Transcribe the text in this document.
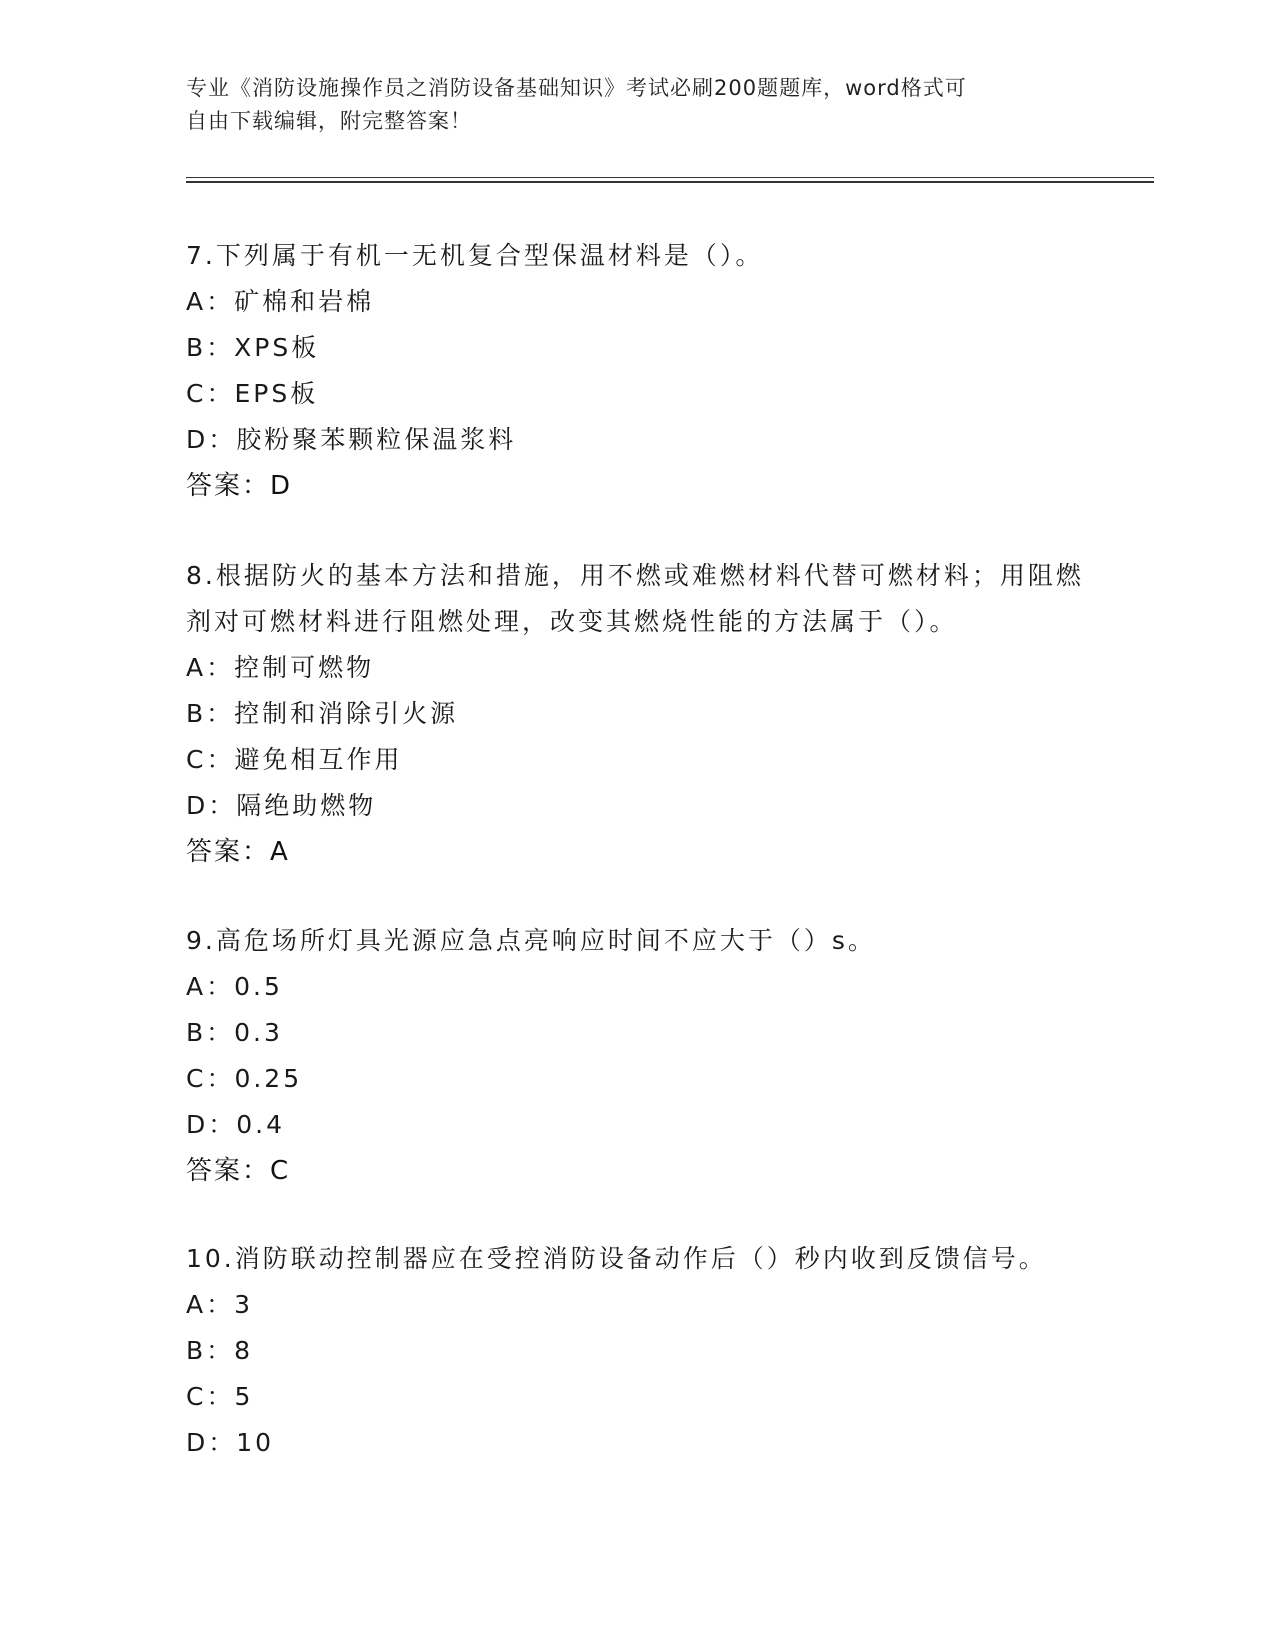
专业《消防设施操作员之消防设备基础知识》考试必刷200题题库，word格式可
自由下载编辑，附完整答案！

7.下列属于有机一无机复合型保温材料是（）。

A：矿棉和岩棉

B：XPS板

C：EPS板

D：胶粉聚苯颗粒保温浆料

答案：D

8.根据防火的基本方法和措施，用不燃或难燃材料代替可燃材料；用阻燃剂对可燃材料进行阻燃处理，改变其燃烧性能的方法属于（）。

A：控制可燃物

B：控制和消除引火源

C：避免相互作用

D：隔绝助燃物

答案：A

9.高危场所灯具光源应急点亮响应时间不应大于（）s。

A：0.5

B：0.3

C：0.25

D：0.4

答案：C

10.消防联动控制器应在受控消防设备动作后（）秒内收到反馈信号。

A：3

B：8

C：5

D：10
